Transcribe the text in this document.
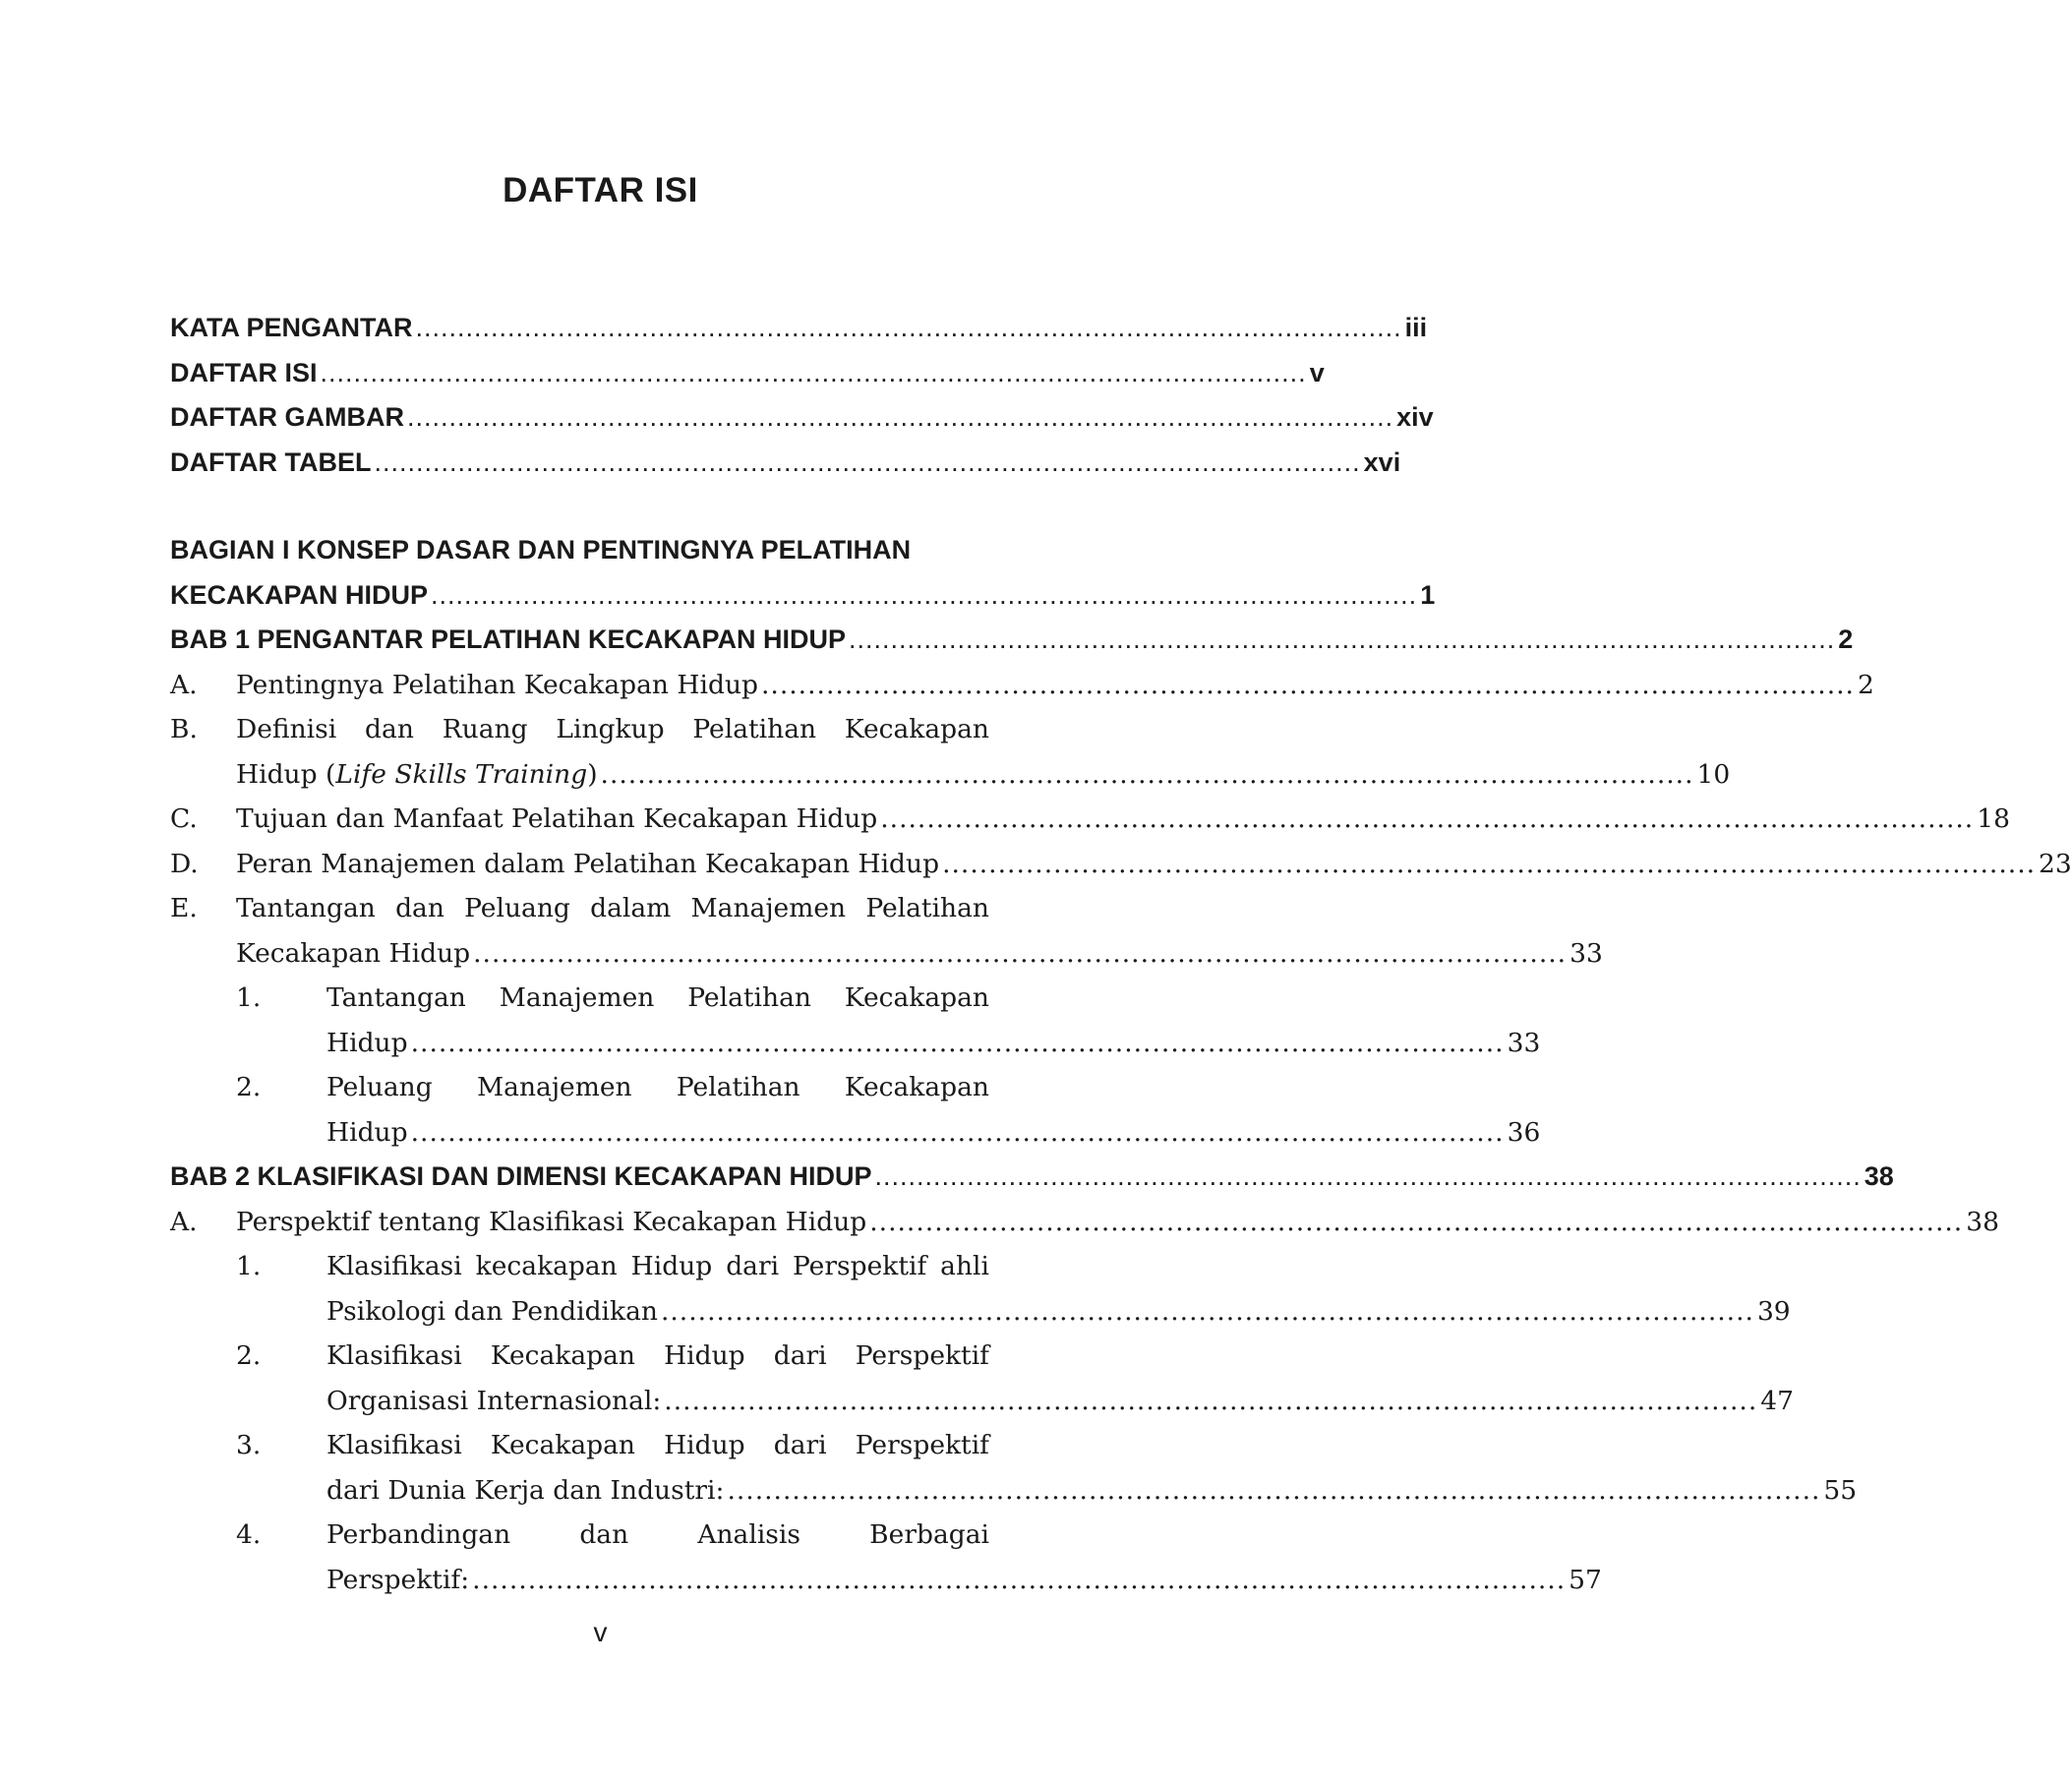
DAFTAR ISI
KATA PENGANTAR ...................................................................................................................... iii
DAFTAR ISI ...................................................................................................................... v
DAFTAR GAMBAR ...................................................................................................................... xiv
DAFTAR TABEL ...................................................................................................................... xvi
BAGIAN I KONSEP DASAR DAN PENTINGNYA PELATIHAN
KECAKAPAN HIDUP ...................................................................................................................... 1
BAB 1 PENGANTAR PELATIHAN KECAKAPAN HIDUP ...................................................................................................................... 2
A. Pentingnya Pelatihan Kecakapan Hidup ...................................................................................................................... 2
B. Definisi dan Ruang Lingkup Pelatihan Kecakapan
Hidup (Life Skills Training) ...................................................................................................................... 10
C. Tujuan dan Manfaat Pelatihan Kecakapan Hidup ...................................................................................................................... 18
D. Peran Manajemen dalam Pelatihan Kecakapan Hidup ...................................................................................................................... 23
E. Tantangan dan Peluang dalam Manajemen Pelatihan
Kecakapan Hidup ...................................................................................................................... 33
1.	Tantangan Manajemen Pelatihan Kecakapan
Hidup ...................................................................................................................... 33
2.	Peluang Manajemen Pelatihan Kecakapan
Hidup ...................................................................................................................... 36
BAB 2 KLASIFIKASI DAN DIMENSI KECAKAPAN HIDUP ...................................................................................................................... 38
A. Perspektif tentang Klasifikasi Kecakapan Hidup ...................................................................................................................... 38
1.	Klasifikasi kecakapan Hidup dari Perspektif ahli
Psikologi dan Pendidikan ...................................................................................................................... 39
2.	Klasifikasi Kecakapan Hidup dari Perspektif
Organisasi Internasional: ...................................................................................................................... 47
3.	Klasifikasi Kecakapan Hidup dari Perspektif
dari Dunia Kerja dan Industri: ...................................................................................................................... 55
4.	Perbandingan dan Analisis Berbagai
Perspektif: ...................................................................................................................... 57
v
